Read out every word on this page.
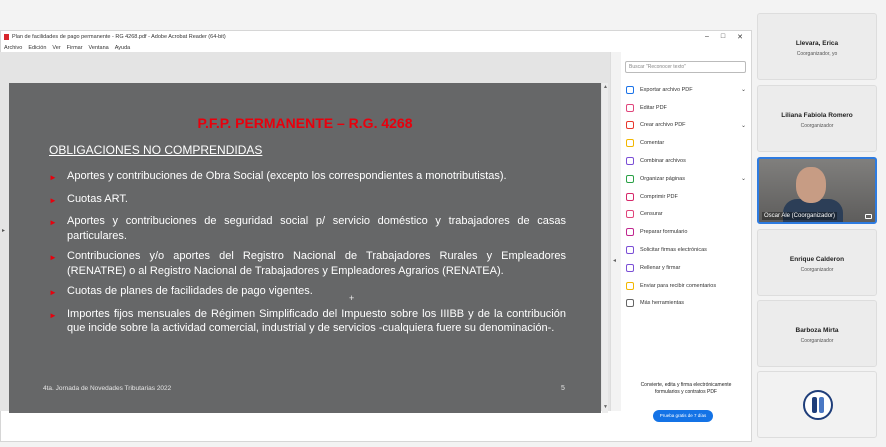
Plan de facilidades de pago permanente - RG 4268.pdf - Adobe Acrobat Reader (64-bit)	– □ ✕
Archivo Edición Ver Firmar Ventana Ayuda
▸
P.F.P. PERMANENTE – R.G. 4268
OBLIGACIONES NO COMPRENDIDAS
► Aportes y contribuciones de Obra Social (excepto los correspondientes a monotributistas).
► Cuotas ART.
► Aportes y contribuciones de seguridad social p/ servicio doméstico y trabajadores de casas particulares.
► Contribuciones y/o aportes del Registro Nacional de Trabajadores Rurales y Empleadores (RENATRE) o al Registro Nacional de Trabajadores y Empleadores Agrarios (RENATEA).
► Cuotas de planes de facilidades de pago vigentes.
► Importes fijos mensuales de Régimen Simplificado del Impuesto sobre los IIIBB y de la contribución que incide sobre la actividad comercial, industrial y de servicios -cualquiera fuere su denominación-.
4ta. Jornada de Novedades Tributarias 2022	5
+
▲
▼
◂
Buscar "Reconocer texto"
Exportar archivo PDF	⌄
Editar PDF
Crear archivo PDF	⌄
Comentar
Combinar archivos
Organizar páginas	⌄
Comprimir PDF
Censurar
Preparar formulario
Solicitar firmas electrónicas
Rellenar y firmar
Enviar para recibir comentarios
Más herramientas
Convierte, edita y firma electrónicamente
formularios y contratos PDF
Prueba gratis de 7 días
Llevara, Erica
Coorganizador, yo
Liliana Fabiola Romero
Coorganizador
Oscar Ale (Coorganizador)
Enrique Calderon
Coorganizador
Barboza Mirta
Coorganizador
